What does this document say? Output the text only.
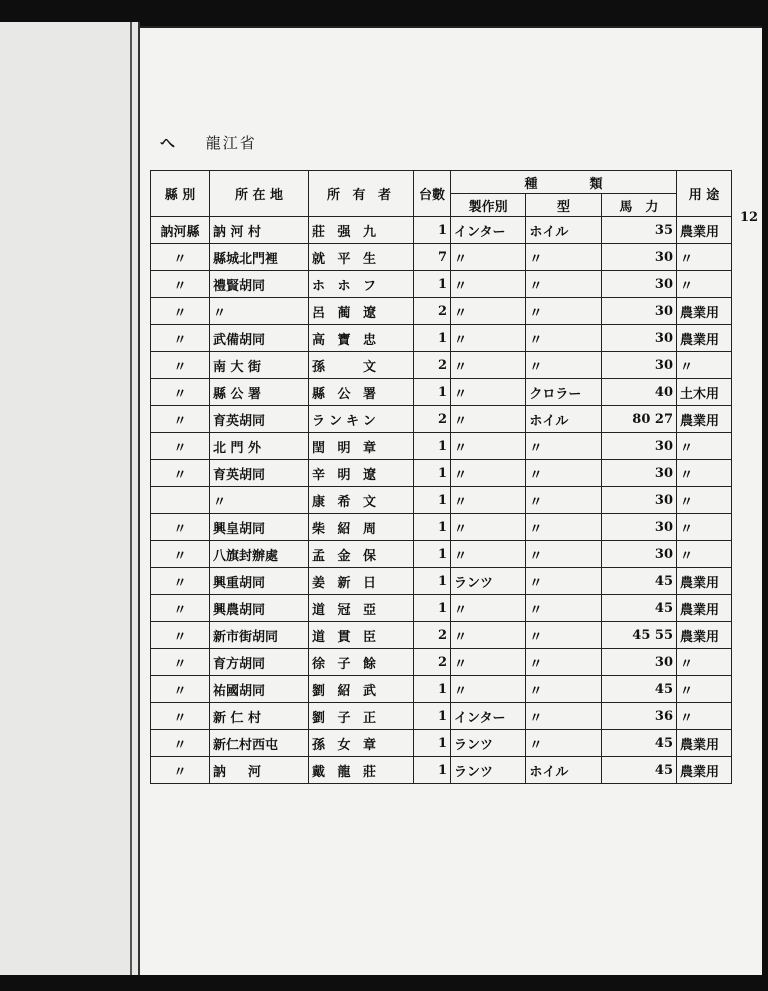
へ 龍江省
12
縣 別	所 在 地	所 有 者	台數	種　　　　類			用 途
				製作別	型	馬　力	
訥河縣	訥 河 村	莊 强 九	1	インター	ホイル	35	農業用
〃	縣城北門裡	就 平 生	7	〃	〃	30	〃
〃	禮賢胡同	ホ ホ フ	1	〃	〃	30	〃
〃	〃	呂 蔺 遼	2	〃	〃	30	農業用
〃	武備胡同	高 寶 忠	1	〃	〃	30	農業用
〃	南 大 街	孫 　 文	2	〃	〃	30	〃
〃	縣 公 署	縣 公 署	1	〃	クロラー	40	土木用
〃	育英胡同	ランキン	2	〃	ホイル	80 27	農業用
〃	北 門 外	閏 明 章	1	〃	〃	30	〃
〃	育英胡同	辛 明 遼	1	〃	〃	30	〃
	〃	康 希 文	1	〃	〃	30	〃
〃	興皇胡同	柴 紹 周	1	〃	〃	30	〃
〃	八旗封辦處	孟 金 保	1	〃	〃	30	〃
〃	興重胡同	姜 新 日	1	ランツ	〃	45	農業用
〃	興農胡同	道 冠 亞	1	〃	〃	45	農業用
〃	新市街胡同	道 貫 臣	2	〃	〃	45 55	農業用
〃	育方胡同	徐 子 餘	2	〃	〃	30	〃
〃	祐國胡同	劉 紹 武	1	〃	〃	45	〃
〃	新 仁 村	劉 子 正	1	インター	〃	36	〃
〃	新仁村西屯	孫 女 章	1	ランツ	〃	45	農業用
〃	訥 　 河	戴 龍 莊	1	ランツ	ホイル	45	農業用
